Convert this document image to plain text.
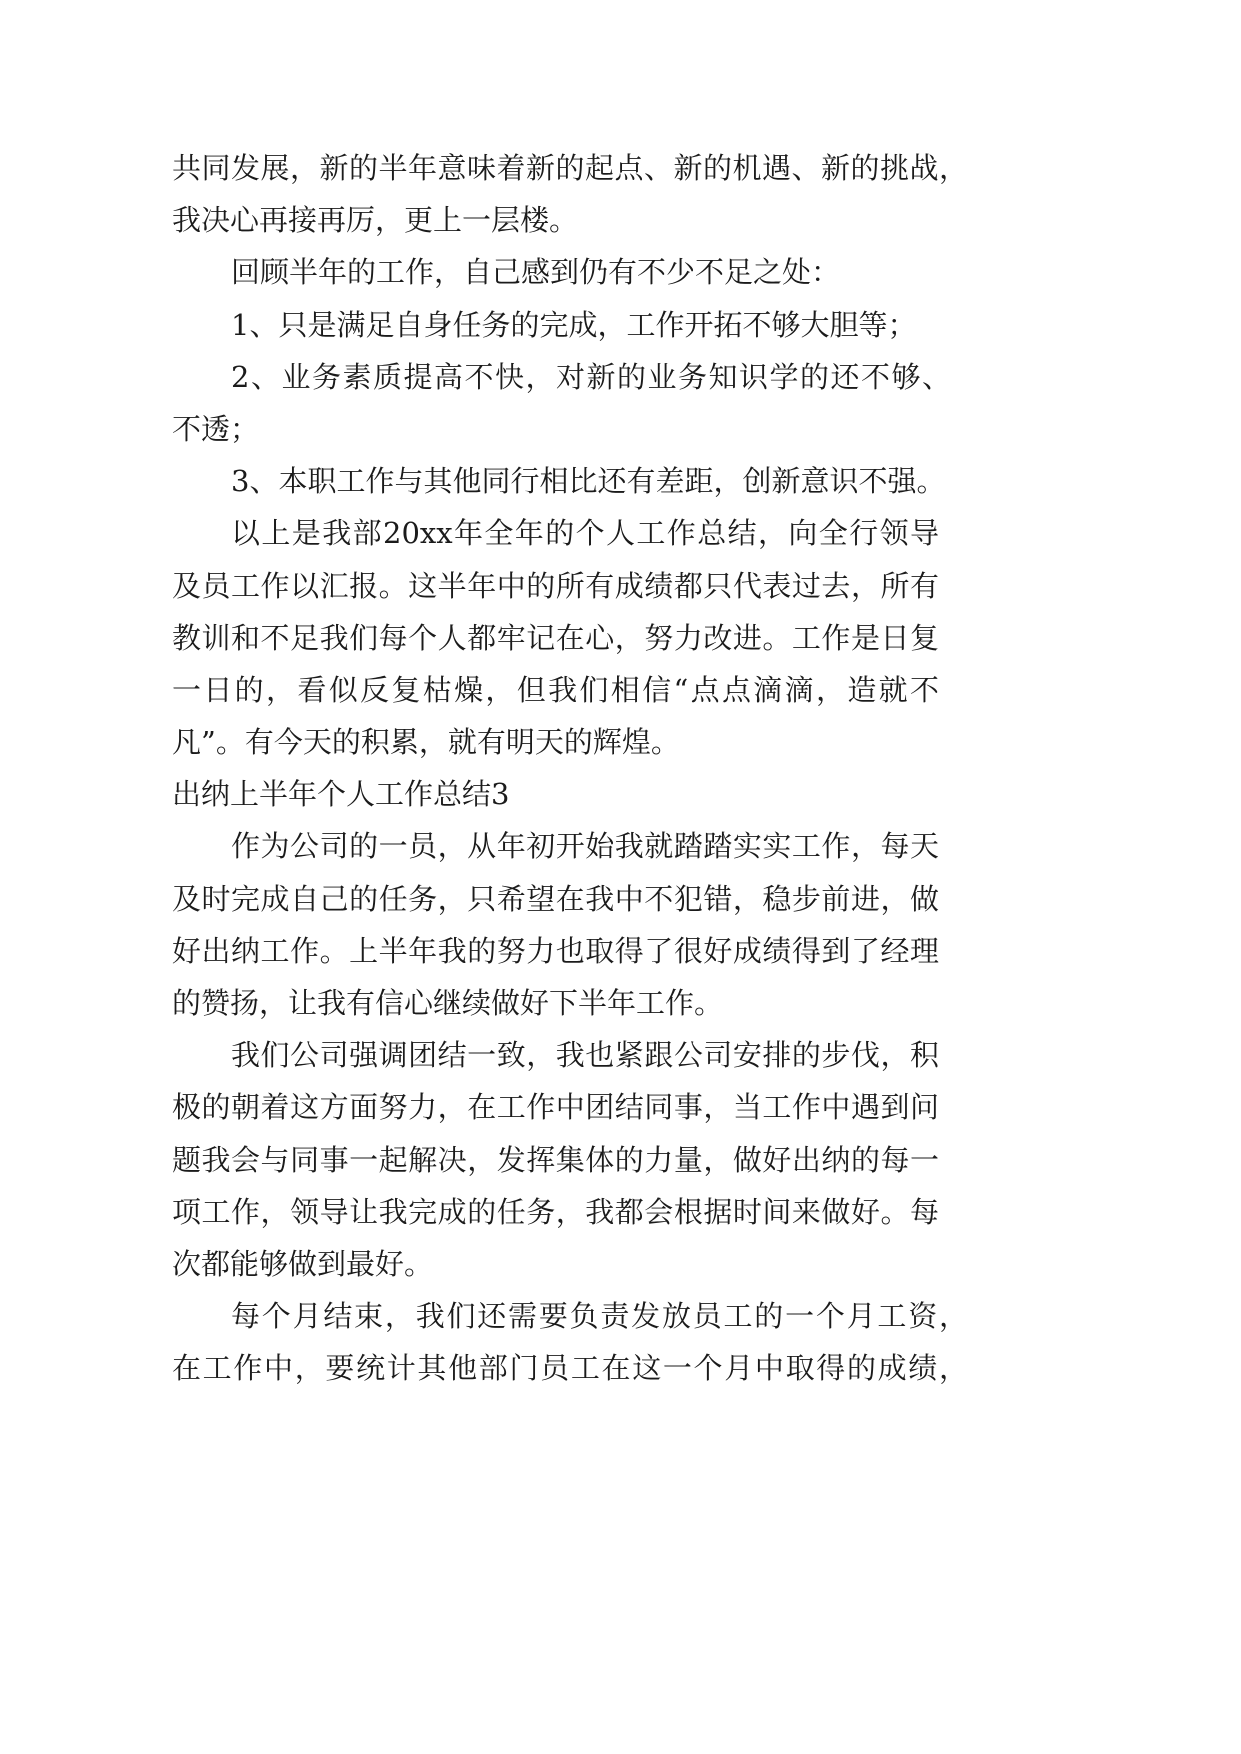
共同发展，新的半年意味着新的起点、新的机遇、新的挑战，
我决心再接再厉，更上一层楼。
回顾半年的工作，自己感到仍有不少不足之处：
1、只是满足自身任务的完成，工作开拓不够大胆等；
2、业务素质提高不快，对新的业务知识学的还不够、
不透；
3、本职工作与其他同行相比还有差距，创新意识不强。
以上是我部20xx年全年的个人工作总结，向全行领导
及员工作以汇报。这半年中的所有成绩都只代表过去，所有
教训和不足我们每个人都牢记在心，努力改进。工作是日复
一日的，看似反复枯燥，但我们相信“点点滴滴，造就不
凡”。有今天的积累，就有明天的辉煌。
出纳上半年个人工作总结3
作为公司的一员，从年初开始我就踏踏实实工作，每天
及时完成自己的任务，只希望在我中不犯错，稳步前进，做
好出纳工作。上半年我的努力也取得了很好成绩得到了经理
的赞扬，让我有信心继续做好下半年工作。
我们公司强调团结一致，我也紧跟公司安排的步伐，积
极的朝着这方面努力，在工作中团结同事，当工作中遇到问
题我会与同事一起解决，发挥集体的力量，做好出纳的每一
项工作，领导让我完成的任务，我都会根据时间来做好。每
次都能够做到最好。
每个月结束，我们还需要负责发放员工的一个月工资，
在工作中，要统计其他部门员工在这一个月中取得的成绩，
